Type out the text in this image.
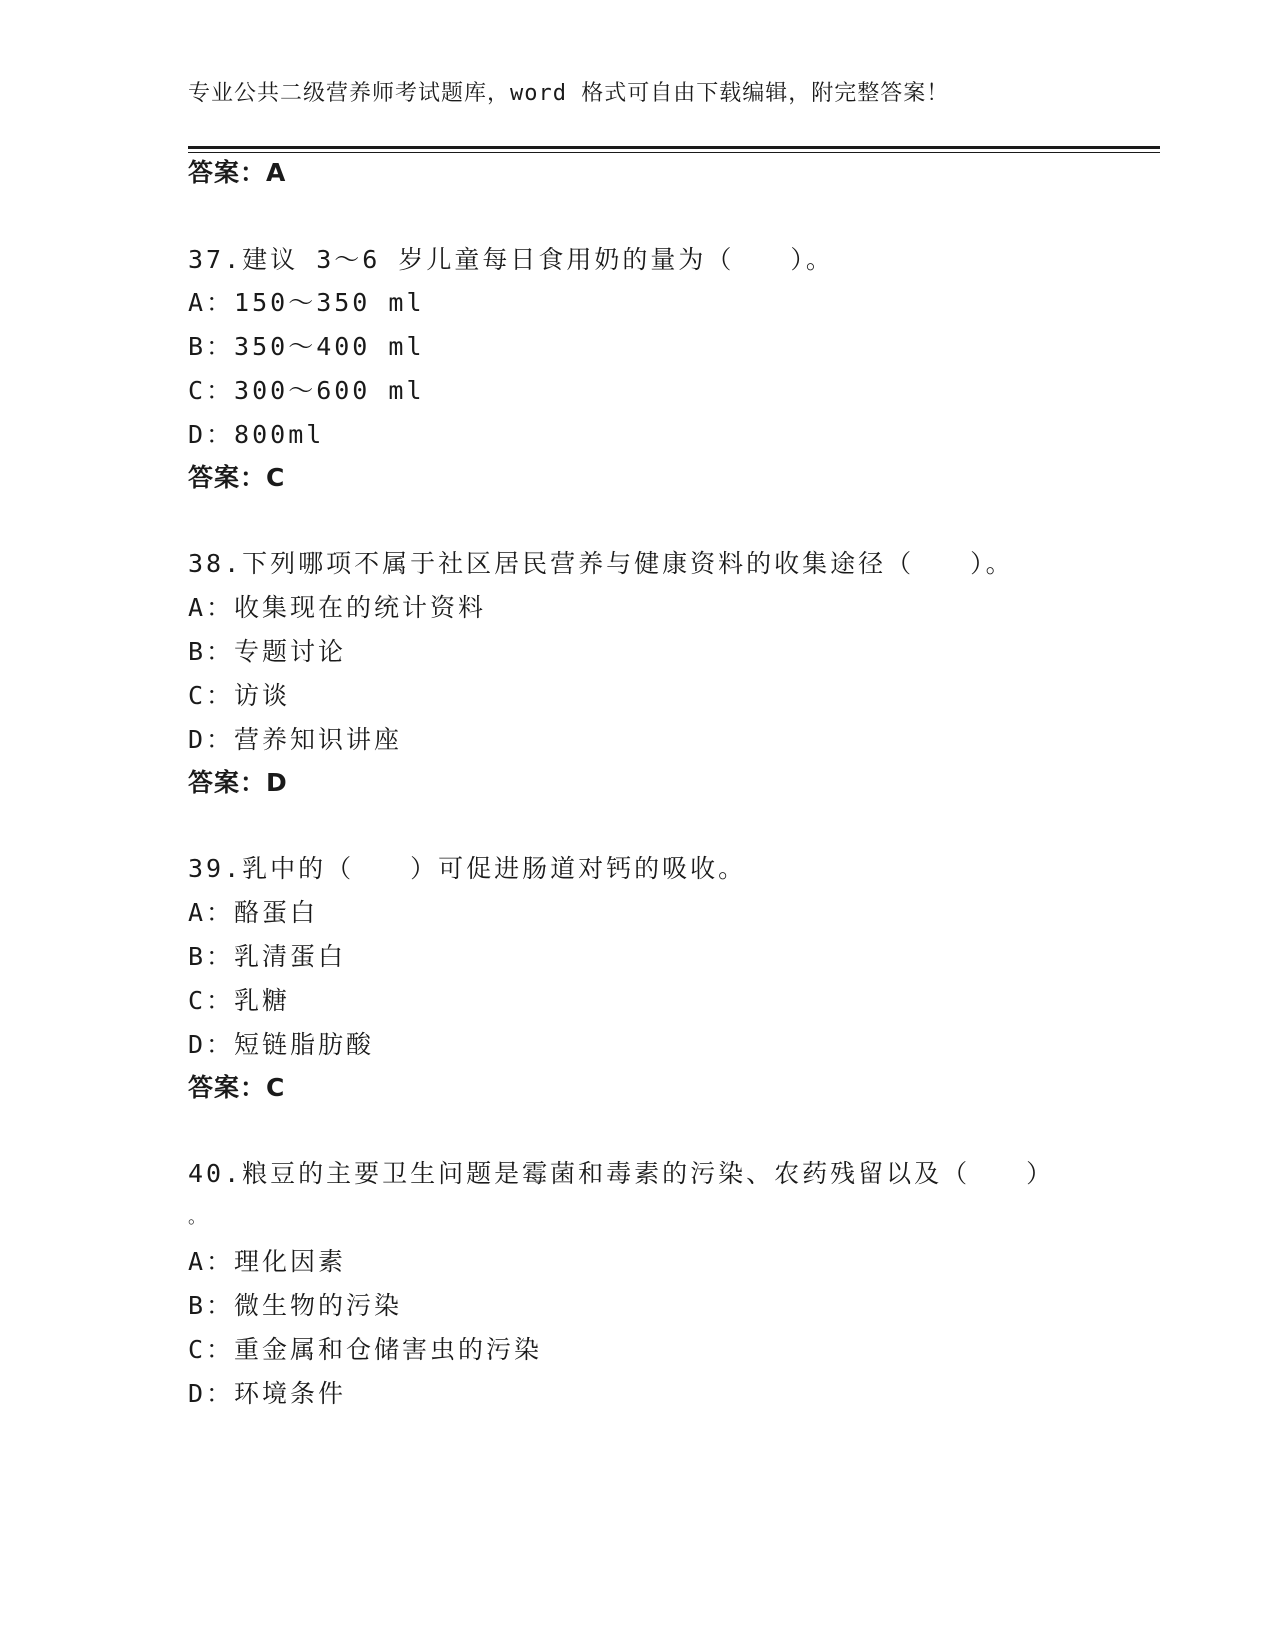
专业公共二级营养师考试题库，word 格式可自由下载编辑，附完整答案！
答案：A
37.建议 3～6 岁儿童每日食用奶的量为（　　）。
A：150～350 ml
B：350～400 ml
C：300～600 ml
D：800ml
答案：C
38.下列哪项不属于社区居民营养与健康资料的收集途径（　　）。
A：收集现在的统计资料
B：专题讨论
C：访谈
D：营养知识讲座
答案：D
39.乳中的（　　）可促进肠道对钙的吸收。
A：酪蛋白
B：乳清蛋白
C：乳糖
D：短链脂肪酸
答案：C
40.粮豆的主要卫生问题是霉菌和毒素的污染、农药残留以及（　　）
。
A：理化因素
B：微生物的污染
C：重金属和仓储害虫的污染
D：环境条件
